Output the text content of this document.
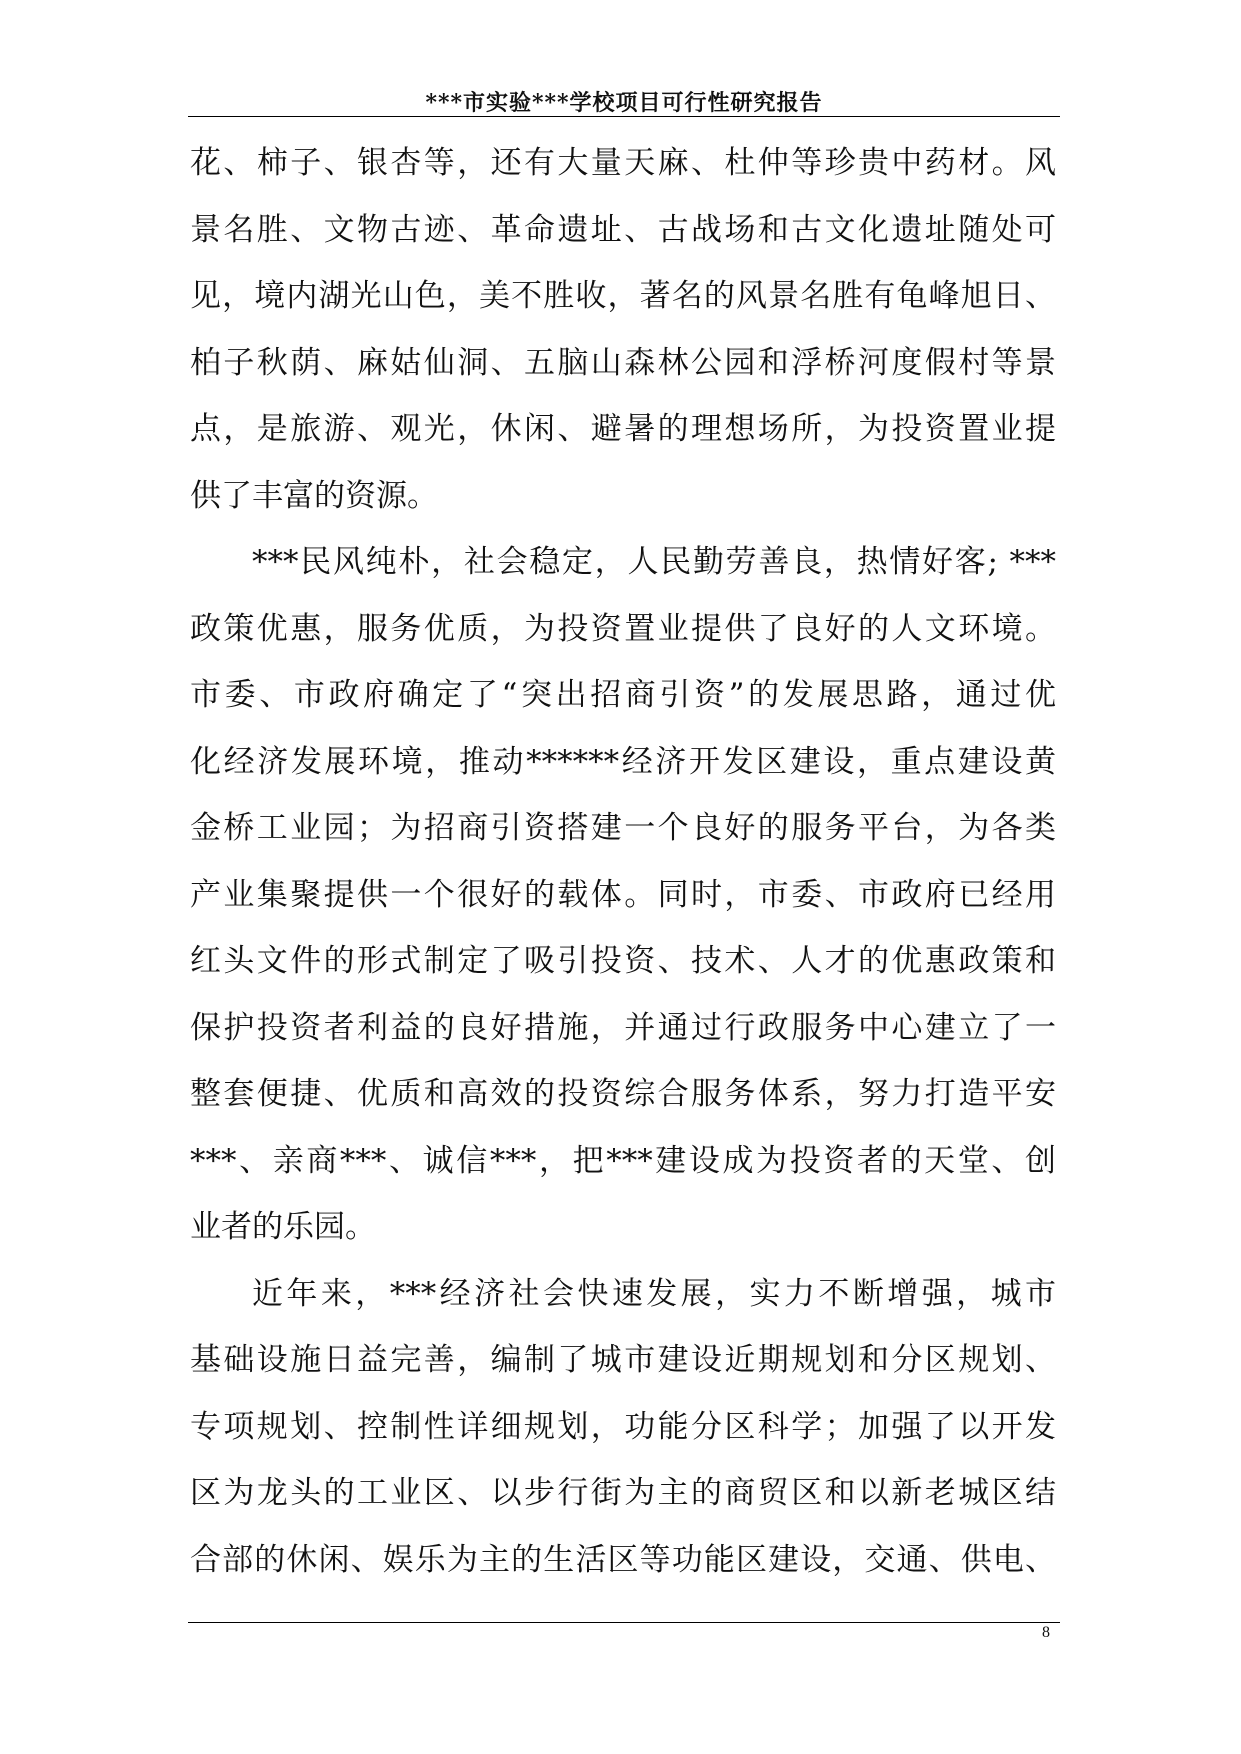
***市实验***学校项目可行性研究报告
花、柿子、银杏等，还有大量天麻、杜仲等珍贵中药材。风
景名胜、文物古迹、革命遗址、古战场和古文化遗址随处可
见，境内湖光山色，美不胜收，著名的风景名胜有龟峰旭日、
柏子秋荫、麻姑仙洞、五脑山森林公园和浮桥河度假村等景
点，是旅游、观光，休闲、避暑的理想场所，为投资置业提
供了丰富的资源。
***民风纯朴，社会稳定，人民勤劳善良，热情好客; ***
政策优惠，服务优质，为投资置业提供了良好的人文环境。
市委、市政府确定了“突出招商引资”的发展思路，通过优
化经济发展环境，推动******经济开发区建设，重点建设黄
金桥工业园；为招商引资搭建一个良好的服务平台，为各类
产业集聚提供一个很好的载体。同时，市委、市政府已经用
红头文件的形式制定了吸引投资、技术、人才的优惠政策和
保护投资者利益的良好措施，并通过行政服务中心建立了一
整套便捷、优质和高效的投资综合服务体系，努力打造平安
***、亲商***、诚信***，把***建设成为投资者的天堂、创
业者的乐园。
近年来，***经济社会快速发展，实力不断增强，城市
基础设施日益完善，编制了城市建设近期规划和分区规划、
专项规划、控制性详细规划，功能分区科学；加强了以开发
区为龙头的工业区、以步行街为主的商贸区和以新老城区结
合部的休闲、娱乐为主的生活区等功能区建设，交通、供电、
8
